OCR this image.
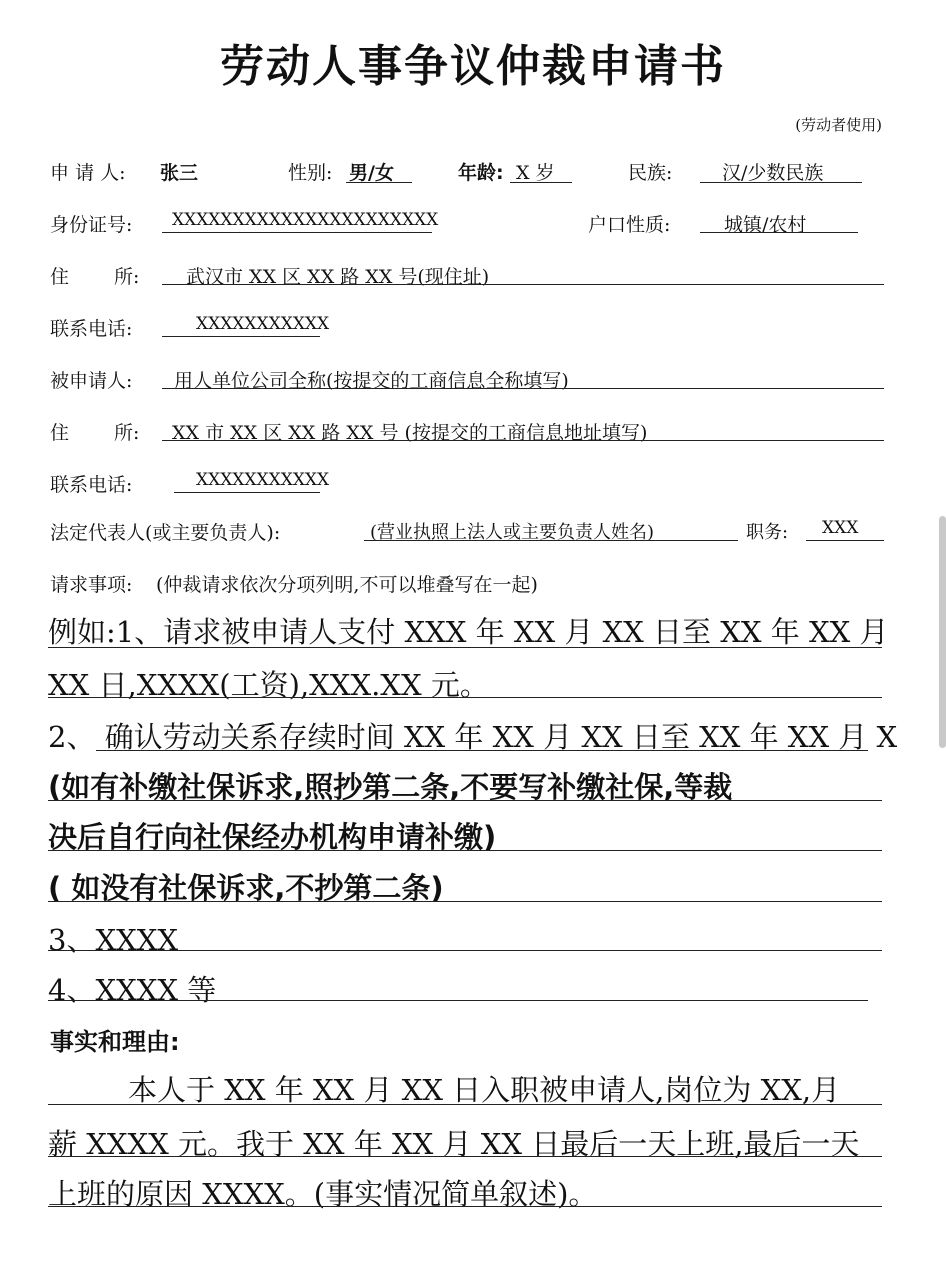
劳动人事争议仲裁申请书
(劳动者使用)
申 请 人: 张三	性别: 男/女	年龄: X 岁	民族:	汉/少数民族
身份证号: XXXXXXXXXXXXXXXXXXXXXX	户口性质:	城镇/农村
住 所: 武汉市 XX 区 XX 路 XX 号(现住址)
联系电话:	XXXXXXXXXXX
被申请人: 用人单位公司全称(按提交的工商信息全称填写)
住 所: XX 市 XX 区 XX 路 XX 号 (按提交的工商信息地址填写)
联系电话:	XXXXXXXXXXX
法定代表人(或主要负责人):	(营业执照上法人或主要负责人姓名)	职务: XXX
请求事项: (仲裁请求依次分项列明,不可以堆叠写在一起)
例如:1、请求被申请人支付 XXX 年 XX 月 XX 日至 XX 年 XX 月
XX 日,XXXX(工资),XXX.XX 元。
2、 确认劳动关系存续时间 XX 年 XX 月 XX 日至 XX 年 XX 月 X
(如有补缴社保诉求,照抄第二条,不要写补缴社保,等裁
决后自行向社保经办机构申请补缴)
( 如没有社保诉求,不抄第二条)
3、XXXX
4、XXXX 等
事实和理由:
本人于 XX 年 XX 月 XX 日入职被申请人,岗位为 XX,月
薪 XXXX 元。我于 XX 年 XX 月 XX 日最后一天上班,最后一天
上班的原因 XXXX。(事实情况简单叙述)。
